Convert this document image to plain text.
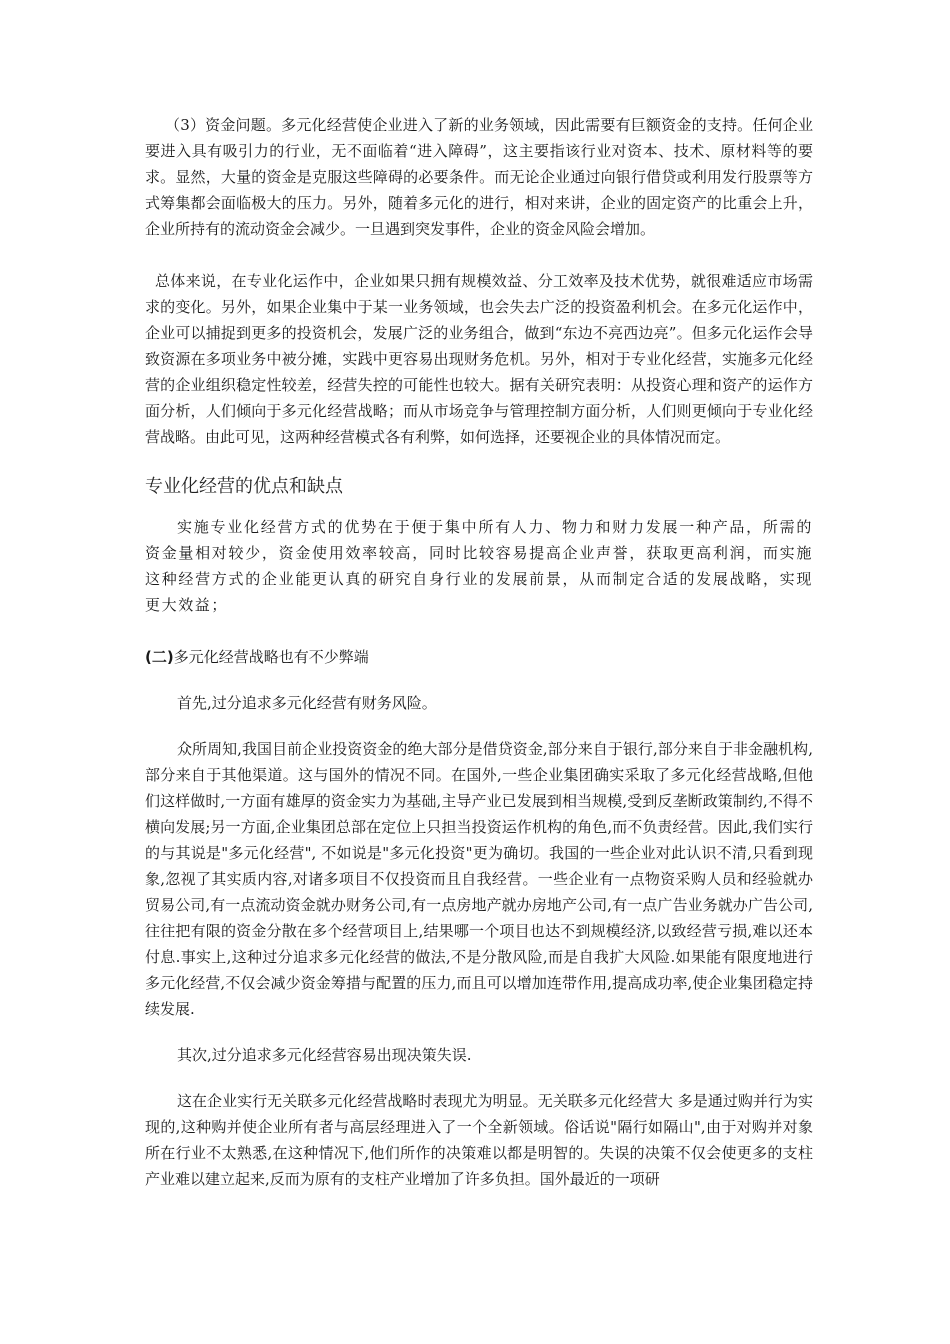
（3）资金问题。多元化经营使企业进入了新的业务领域，因此需要有巨额资金的支持。任何企业要进入具有吸引力的行业，无不面临着“进入障碍”，这主要指该行业对资本、技术、原材料等的要求。显然，大量的资金是克服这些障碍的必要条件。而无论企业通过向银行借贷或利用发行股票等方式筹集都会面临极大的压力。另外，随着多元化的进行，相对来讲，企业的固定资产的比重会上升，企业所持有的流动资金会减少。一旦遇到突发事件，企业的资金风险会增加。

总体来说，在专业化运作中，企业如果只拥有规模效益、分工效率及技术优势，就很难适应市场需求的变化。另外，如果企业集中于某一业务领域，也会失去广泛的投资盈利机会。在多元化运作中，企业可以捕捉到更多的投资机会，发展广泛的业务组合，做到“东边不亮西边亮”。但多元化运作会导致资源在多项业务中被分摊，实践中更容易出现财务危机。另外，相对于专业化经营，实施多元化经营的企业组织稳定性较差，经营失控的可能性也较大。据有关研究表明：从投资心理和资产的运作方面分析，人们倾向于多元化经营战略；而从市场竞争与管理控制方面分析，人们则更倾向于专业化经营战略。由此可见，这两种经营模式各有利弊，如何选择，还要视企业的具体情况而定。

专业化经营的优点和缺点

实施专业化经营方式的优势在于便于集中所有人力、物力和财力发展一种产品，所需的资金量相对较少，资金使用效率较高，同时比较容易提高企业声誉，获取更高利润，而实施这种经营方式的企业能更认真的研究自身行业的发展前景，从而制定合适的发展战略，实现更大效益；

(二)多元化经营战略也有不少弊端

首先,过分追求多元化经营有财务风险。

众所周知,我国目前企业投资资金的绝大部分是借贷资金,部分来自于银行,部分来自于非金融机构,部分来自于其他渠道。这与国外的情况不同。在国外,一些企业集团确实采取了多元化经营战略,但他们这样做时,一方面有雄厚的资金实力为基础,主导产业已发展到相当规模,受到反垄断政策制约,不得不横向发展;另一方面,企业集团总部在定位上只担当投资运作机构的角色,而不负责经营。因此,我们实行的与其说是"多元化经营", 不如说是"多元化投资"更为确切。我国的一些企业对此认识不清,只看到现象,忽视了其实质内容,对诸多项目不仅投资而且自我经营。一些企业有一点物资采购人员和经验就办贸易公司,有一点流动资金就办财务公司,有一点房地产就办房地产公司,有一点广告业务就办广告公司,往往把有限的资金分散在多个经营项目上,结果哪一个项目也达不到规模经济,以致经营亏损,难以还本付息.事实上,这种过分追求多元化经营的做法,不是分散风险,而是自我扩大风险.如果能有限度地进行多元化经营,不仅会减少资金筹措与配置的压力,而且可以增加连带作用,提高成功率,使企业集团稳定持续发展.

其次,过分追求多元化经营容易出现决策失误.

这在企业实行无关联多元化经营战略时表现尤为明显。无关联多元化经营大 多是通过购并行为实现的,这种购并使企业所有者与高层经理进入了一个全新领域。俗话说"隔行如隔山",由于对购并对象所在行业不太熟悉,在这种情况下,他们所作的决策难以都是明智的。失误的决策不仅会使更多的支柱产业难以建立起来,反而为原有的支柱产业增加了许多负担。国外最近的一项研
